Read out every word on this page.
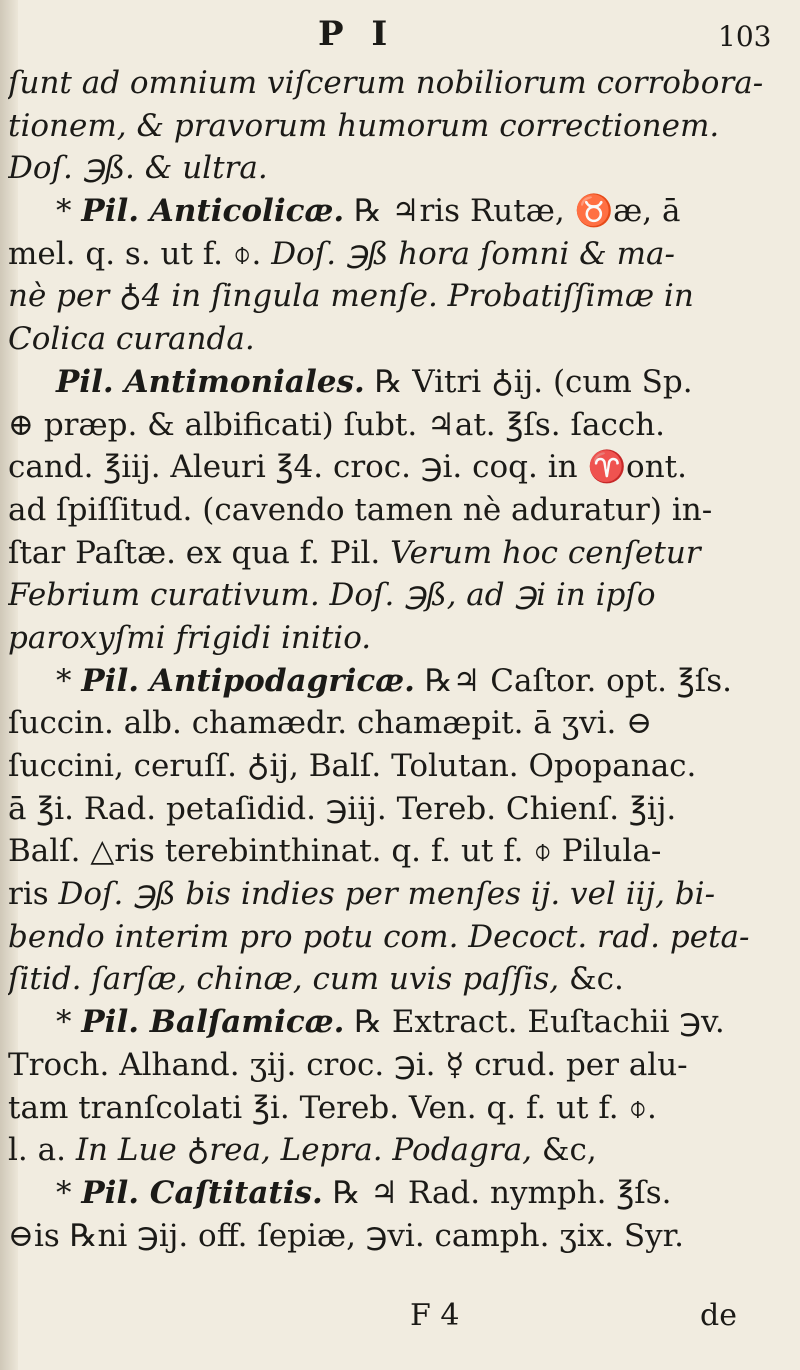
P I	103
ſunt ad omnium viſcerum nobiliorum corrobora-
tionem, & pravorum humorum correctionem.
Doſ. ℈ß. & ultra.
* Pil. Anticolicæ. ℞ ♃ris Rutæ, ♉æ, ā
mel. q. s. ut f. ⌽. Doſ. ℈ß hora ſomni & ma-
nè per ♁4 in ſingula menſe. Probatiſſimæ in
Colica curanda.
Pil. Antimoniales. ℞ Vitri ♁ij. (cum Sp.
⊕ præp. & albificati) ſubt. ♃at. ℥ſs. ſacch.
cand. ℥iij. Aleuri ℥4. croc. ℈i. coq. in ♈ont.
ad ſpiſſitud. (cavendo tamen nè aduratur) in-
ſtar Paſtæ. ex qua f. Pil. Verum hoc cenſetur
Febrium curativum. Doſ. ℈ß, ad ℈i in ipſo
paroxyſmi frigidi initio.
* Pil. Antipodagricæ. ℞♃ Caſtor. opt. ℥ſs.
ſuccin. alb. chamædr. chamæpit. ā ʒvi. ⊖
ſuccini, ceruſſ. ♁ij, Balſ. Tolutan. Opopanac.
ā ℥i. Rad. petaſidid. ℈iij. Tereb. Chienſ. ℥ij.
Balſ. △ris terebinthinat. q. f. ut f. ⌽ Pilula-
ris Doſ. ℈ß bis indies per menſes ij. vel iij, bi-
bendo interim pro potu com. Decoct. rad. peta-
ſitid. ſarſæ, chinæ, cum uvis paſſis, &c.
* Pil. Balſamicæ. ℞ Extract. Euſtachii ℈v.
Troch. Alhand. ʒij. croc. ℈i. ☿ crud. per alu-
tam tranſcolati ℥i. Tereb. Ven. q. f. ut f. ⌽.
l. a. In Lue ♁rea, Lepra. Podagra, &c,
* Pil. Caſtitatis. ℞ ♃ Rad. nymph. ℥ſs.
⊖is ℞ni ℈ij. off. ſepiæ, ℈vi. camph. ʒix. Syr.
F 4	de
